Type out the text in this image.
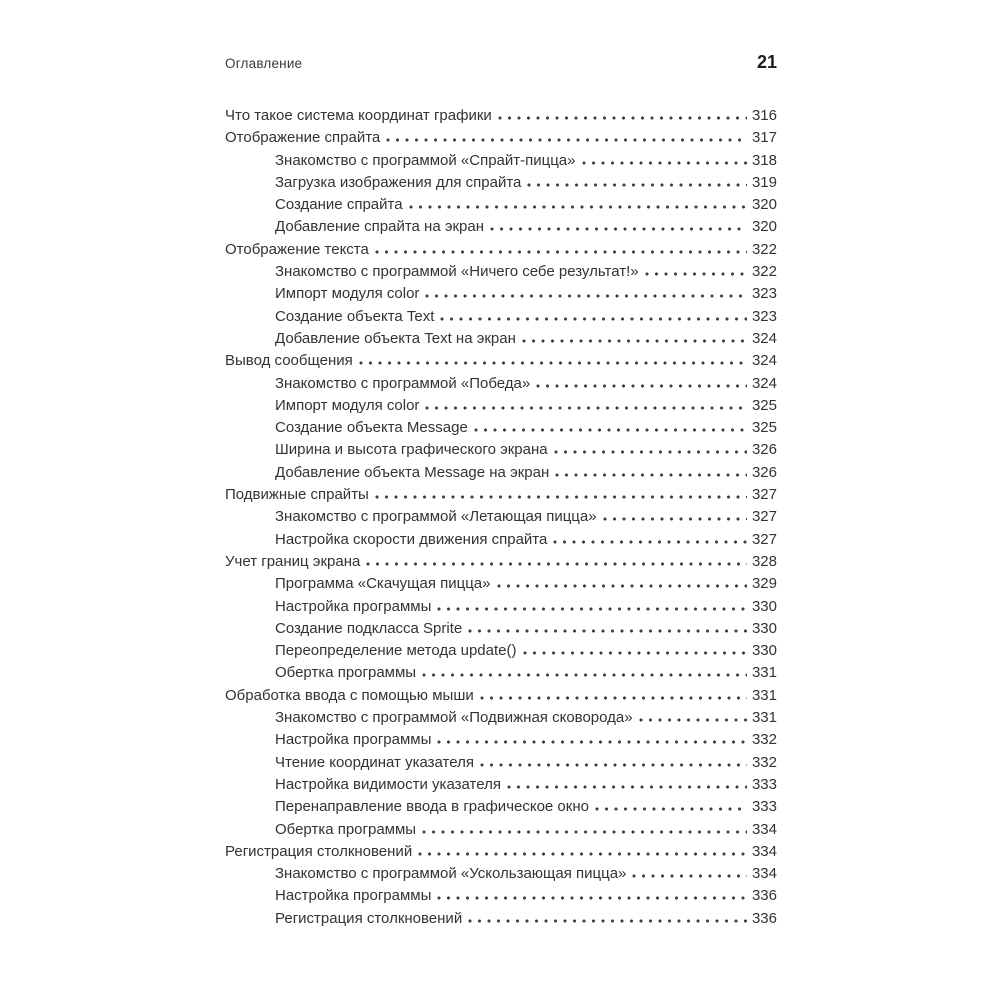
Оглавление	21
Что такое система координат графики	316
Отображение спрайта	317
Знакомство с программой «Спрайт-пицца»	318
Загрузка изображения для спрайта	319
Создание спрайта	320
Добавление спрайта на экран	320
Отображение текста	322
Знакомство с программой «Ничего себе результат!»	322
Импорт модуля color	323
Создание объекта Text	323
Добавление объекта Text на экран	324
Вывод сообщения	324
Знакомство с программой «Победа»	324
Импорт модуля color	325
Создание объекта Message	325
Ширина и высота графического экрана	326
Добавление объекта Message на экран	326
Подвижные спрайты	327
Знакомство с программой «Летающая пицца»	327
Настройка скорости движения спрайта	327
Учет границ экрана	328
Программа «Скачущая пицца»	329
Настройка программы	330
Создание подкласса Sprite	330
Переопределение метода update()	330
Обертка программы	331
Обработка ввода с помощью мыши	331
Знакомство с программой «Подвижная сковорода»	331
Настройка программы	332
Чтение координат указателя	332
Настройка видимости указателя	333
Перенаправление ввода в графическое окно	333
Обертка программы	334
Регистрация столкновений	334
Знакомство с программой «Ускользающая пицца»	334
Настройка программы	336
Регистрация столкновений	336
